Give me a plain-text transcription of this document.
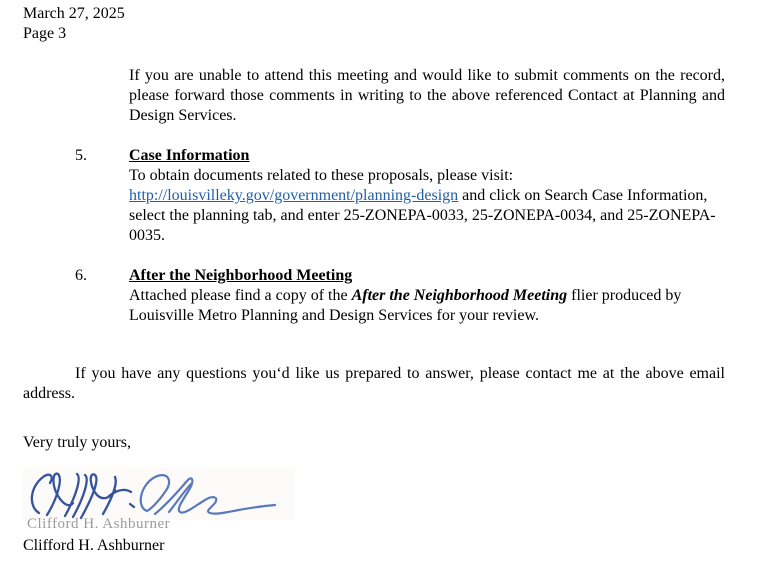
March 27, 2025
Page 3

If you are unable to attend this meeting and would like to submit comments on the record, please forward those comments in writing to the above referenced Contact at Planning and Design Services.

5.	Case Information

To obtain documents related to these proposals, please visit: http://louisvilleky.gov/government/planning-design and click on Search Case Information, select the planning tab, and enter 25-ZONEPA-0033, 25-ZONEPA-0034, and 25-ZONEPA-0035.

6.	After the Neighborhood Meeting

Attached please find a copy of the After the Neighborhood Meeting flier produced by Louisville Metro Planning and Design Services for your review.

If you have any questions you‘d like us prepared to answer, please contact me at the above email address.

Very truly yours,

Clifford H. Ashburner

Clifford H. Ashburner
